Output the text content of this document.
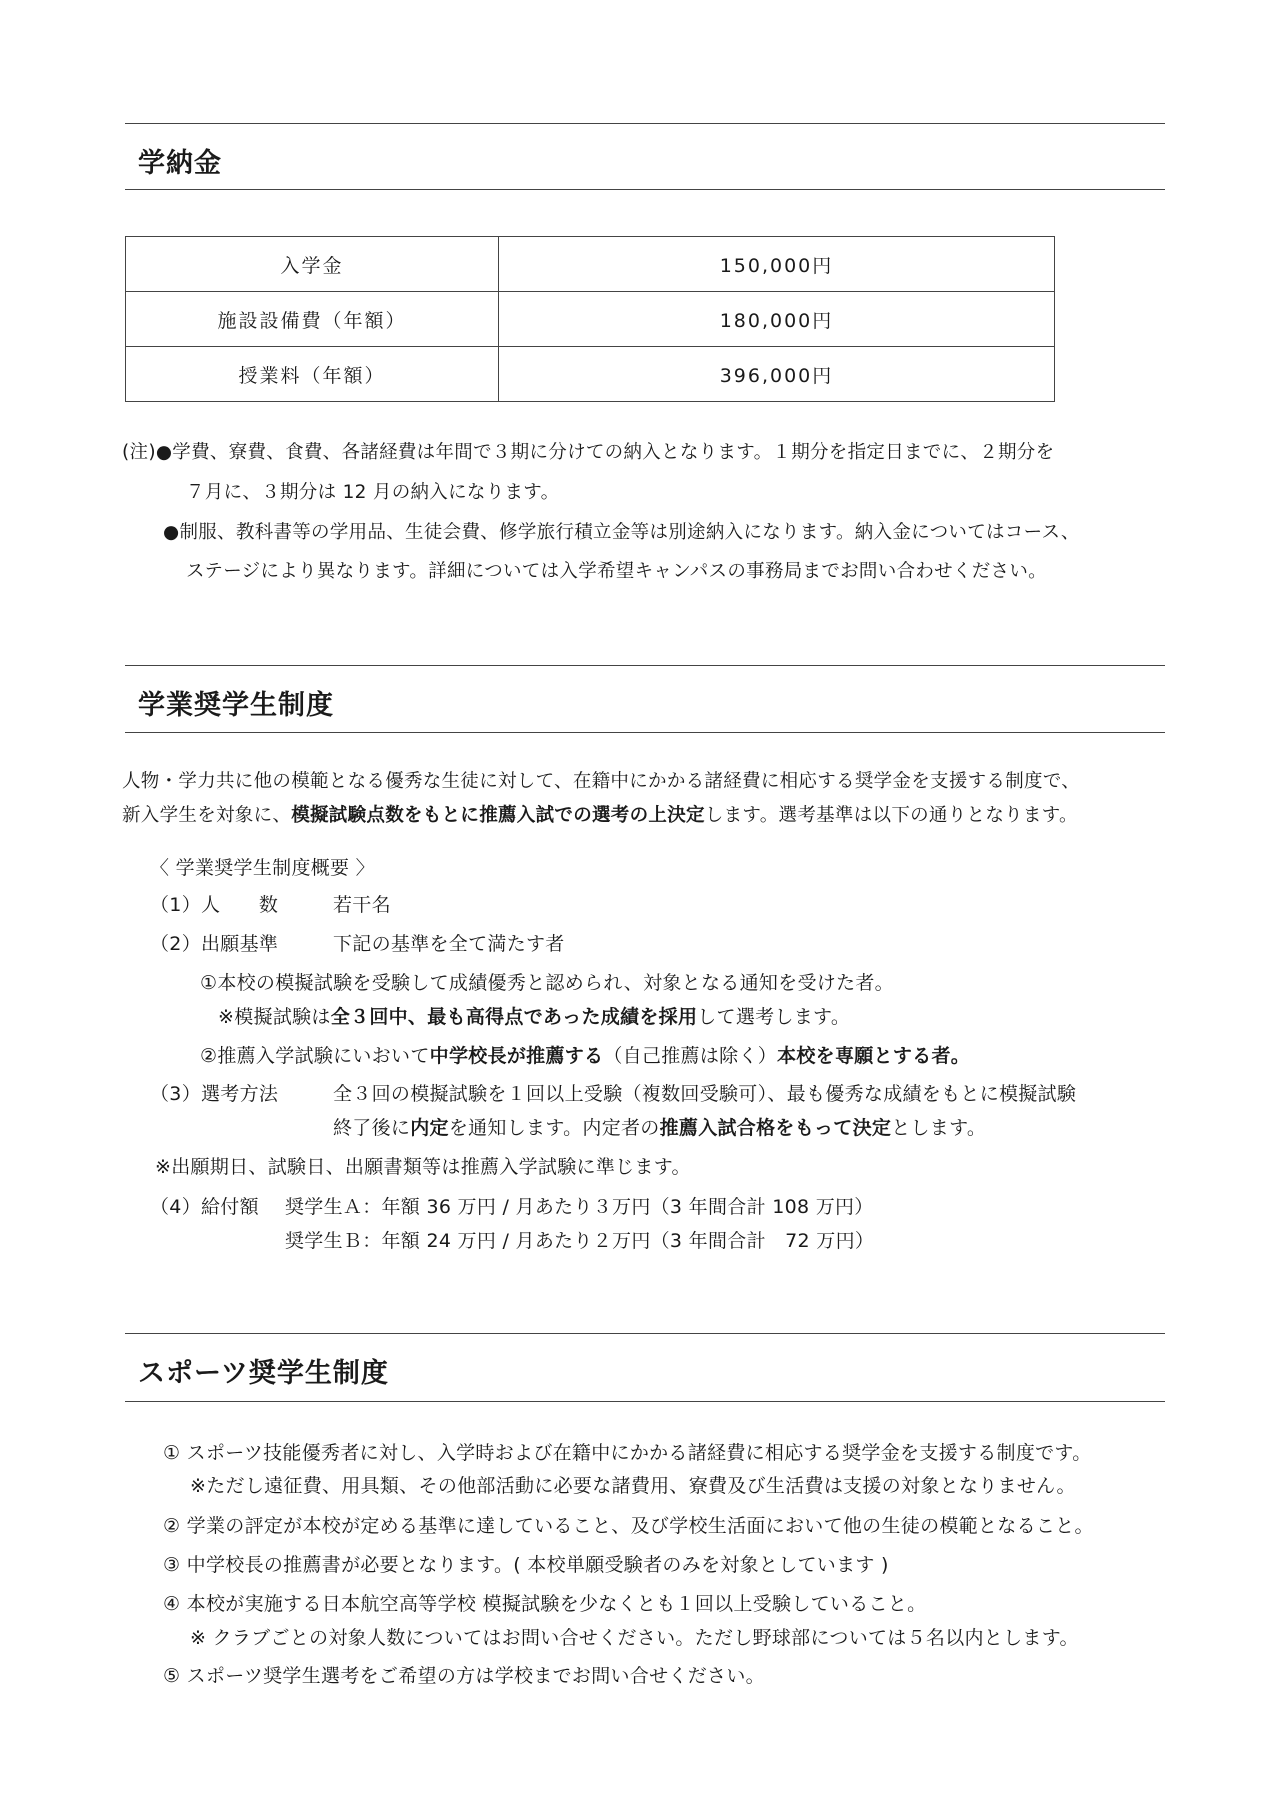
学納金
入学金	150,000円
施設設備費（年額）	180,000円
授業料（年額）	396,000円
(注)●学費、寮費、食費、各諸経費は年間で３期に分けての納入となります。１期分を指定日までに、２期分を
７月に、３期分は 12 月の納入になります。
●制服、教科書等の学用品、生徒会費、修学旅行積立金等は別途納入になります。納入金についてはコース、
ステージにより異なります。詳細については入学希望キャンパスの事務局までお問い合わせください。
学業奨学生制度
人物・学力共に他の模範となる優秀な生徒に対して、在籍中にかかる諸経費に相応する奨学金を支援する制度で、
新入学生を対象に、模擬試験点数をもとに推薦入試での選考の上決定します。選考基準は以下の通りとなります。
〈 学業奨学生制度概要 〉
（1）人　　数	若干名
（2）出願基準	下記の基準を全て満たす者
①本校の模擬試験を受験して成績優秀と認められ、対象となる通知を受けた者。
※模擬試験は全３回中、最も高得点であった成績を採用して選考します。
②推薦入学試験にいおいて中学校長が推薦する（自己推薦は除く）本校を専願とする者。
（3）選考方法	全３回の模擬試験を１回以上受験（複数回受験可）、最も優秀な成績をもとに模擬試験
終了後に内定を通知します。内定者の推薦入試合格をもって決定とします。
※出願期日、試験日、出願書類等は推薦入学試験に準じます。
（4）給付額 奨学生Ａ：年額 36 万円 / 月あたり３万円（3 年間合計 108 万円）
奨学生Ｂ：年額 24 万円 / 月あたり２万円（3 年間合計　72 万円）
スポーツ奨学生制度
① スポーツ技能優秀者に対し、入学時および在籍中にかかる諸経費に相応する奨学金を支援する制度です。
※ただし遠征費、用具類、その他部活動に必要な諸費用、寮費及び生活費は支援の対象となりません。
② 学業の評定が本校が定める基準に達していること、及び学校生活面において他の生徒の模範となること。
③ 中学校長の推薦書が必要となります。( 本校単願受験者のみを対象としています )
④ 本校が実施する日本航空高等学校 模擬試験を少なくとも１回以上受験していること。
※ クラブごとの対象人数についてはお問い合せください。ただし野球部については５名以内とします。
⑤ スポーツ奨学生選考をご希望の方は学校までお問い合せください。
